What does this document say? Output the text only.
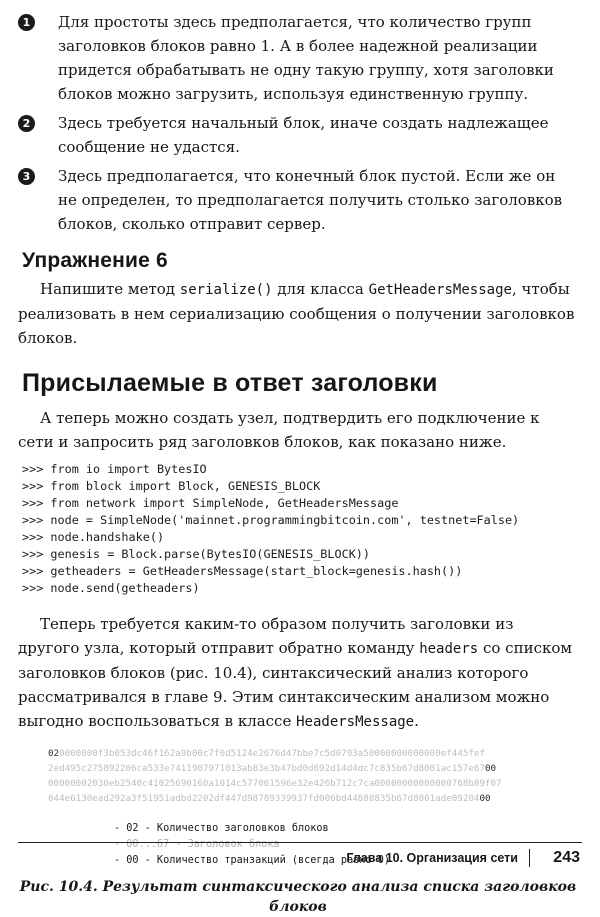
1	Для простоты здесь предполагается, что количество групп заголовков блоков равно 1. А в более надежной реализации придется обрабатывать не одну такую группу, хотя заголовки блоков можно загрузить, используя единственную группу.

2	Здесь требуется начальный блок, иначе создать надлежащее сообщение не удастся.

3	Здесь предполагается, что конечный блок пустой. Если же он не определен, то предполагается получить столько заголовков блоков, сколько отправит сервер.

Упражнение 6

Напишите метод serialize() для класса GetHeadersMessage, чтобы реализовать в нем сериализацию сообщения о получении заголовков блоков.

Присылаемые в ответ заголовки

А теперь можно создать узел, подтвердить его подключение к сети и запросить ряд заголовков блоков, как показано ниже.

>>> from io import BytesIO
>>> from block import Block, GENESIS_BLOCK
>>> from network import SimpleNode, GetHeadersMessage
>>> node = SimpleNode('mainnet.programmingbitcoin.com', testnet=False)
>>> node.handshake()
>>> genesis = Block.parse(BytesIO(GENESIS_BLOCK))
>>> getheaders = GetHeadersMessage(start_block=genesis.hash())
>>> node.send(getheaders)

Теперь требуется каким-то образом получить заголовки из другого узла, который отправит обратно команду headers со списком заголовков блоков (рис. 10.4), синтаксический анализ которого рассматривался в главе 9. Этим синтаксическим анализом можно выгодно воспользоваться в классе HeadersMessage.

020000000f3b053dc46f162a9b00c7f0d5124e2676d47bbe7c5d0793a50000000000000ef445fef
2ed495c275892206ca533e7411907971013ab83e3b47bd0d692d14d4dc7c835b67d8001ac157e6700
00000002030eb2540c41025690160a1014c577061596e32e426b712c7ca00000000000000768b89f07
044e6130ead292a3f51951adbd2202df447d98789339937fd006bd44880835b67d8001ade0920400
- 02 - Количество заголовков блоков
- 00...67 - Заголовок блока
- 00 - Количество транзакций (всегда равно 0)
Рис. 10.4. Результат синтаксического анализа списка заголовков блоков
Глава 10. Организация сети 243
